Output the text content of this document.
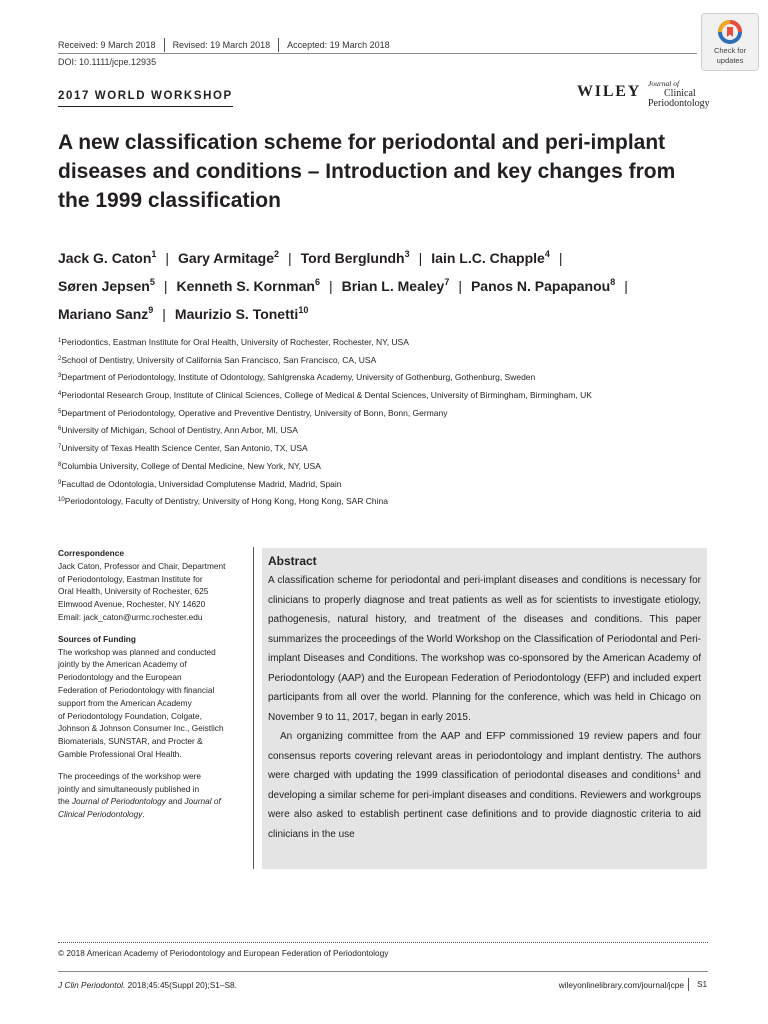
Received: 9 March 2018	Revised: 19 March 2018	Accepted: 19 March 2018
DOI: 10.1111/jcpe.12935
Check for
updates
2017 WORLD WORKSHOP	WILEY Journal of
Clinical
Periodontology
A new classification scheme for periodontal and peri-implant diseases and conditions – Introduction and key changes from the 1999 classification
Jack G. Caton$^1$ | Gary Armitage$^2$ | Tord Berglundh$^3$ | Iain L.C. Chapple$^4$ |
Søren Jepsen$^5$ | Kenneth S. Kornman$^6$ | Brian L. Mealey$^7$ | Panos N. Papapanou$^8$ |
Mariano Sanz$^9$ | Maurizio S. Tonetti$^{10}$
$^1$Periodontics, Eastman Institute for Oral Health, University of Rochester, Rochester, NY, USA
$^2$School of Dentistry, University of California San Francisco, San Francisco, CA, USA
$^3$Department of Periodontology, Institute of Odontology, Sahlgrenska Academy, University of Gothenburg, Gothenburg, Sweden
$^4$Periodontal Research Group, Institute of Clinical Sciences, College of Medical & Dental Sciences, University of Birmingham, Birmingham, UK
$^5$Department of Periodontology, Operative and Preventive Dentistry, University of Bonn, Bonn, Germany
$^6$University of Michigan, School of Dentistry, Ann Arbor, MI, USA
$^7$University of Texas Health Science Center, San Antonio, TX, USA
$^8$Columbia University, College of Dental Medicine, New York, NY, USA
$^9$Facultad de Odontologia, Universidad Complutense Madrid, Madrid, Spain
$^{10}$Periodontology, Faculty of Dentistry, University of Hong Kong, Hong Kong, SAR China
Correspondence
Jack Caton, Professor and Chair, Department
of Periodontology, Eastman Institute for
Oral Health, University of Rochester, 625
Elmwood Avenue, Rochester, NY 14620
Email: jack_caton@urmc.rochester.edu
Sources of Funding
The workshop was planned and conducted
jointly by the American Academy of
Periodontology and the European
Federation of Periodontology with financial
support from the American Academy
of Periodontology Foundation, Colgate,
Johnson & Johnson Consumer Inc., Geistlich
Biomaterials, SUNSTAR, and Procter &
Gamble Professional Oral Health.
The proceedings of the workshop were
jointly and simultaneously published in
the Journal of Periodontology and Journal of
Clinical Periodontology.
Abstract

A classification scheme for periodontal and peri-implant diseases and conditions is necessary for clinicians to properly diagnose and treat patients as well as for scientists to investigate etiology, pathogenesis, natural history, and treatment of the diseases and conditions. This paper summarizes the proceedings of the World Workshop on the Classification of Periodontal and Peri-implant Diseases and Conditions. The workshop was co-sponsored by the American Academy of Periodontology (AAP) and the European Federation of Periodontology (EFP) and included expert participants from all over the world. Planning for the conference, which was held in Chicago on November 9 to 11, 2017, began in early 2015.

An organizing committee from the AAP and EFP commissioned 19 review papers and four consensus reports covering relevant areas in periodontology and implant dentistry. The authors were charged with updating the 1999 classification of periodontal diseases and conditions$^1$ and developing a similar scheme for peri-implant diseases and conditions. Reviewers and workgroups were also asked to establish pertinent case definitions and to provide diagnostic criteria to aid clinicians in the use

© 2018 American Academy of Periodontology and European Federation of Periodontology
J Clin Periodontol. 2018;45:45(Suppl 20);S1–S8.	wileyonlinelibrary.com/journal/jcpe	S1
